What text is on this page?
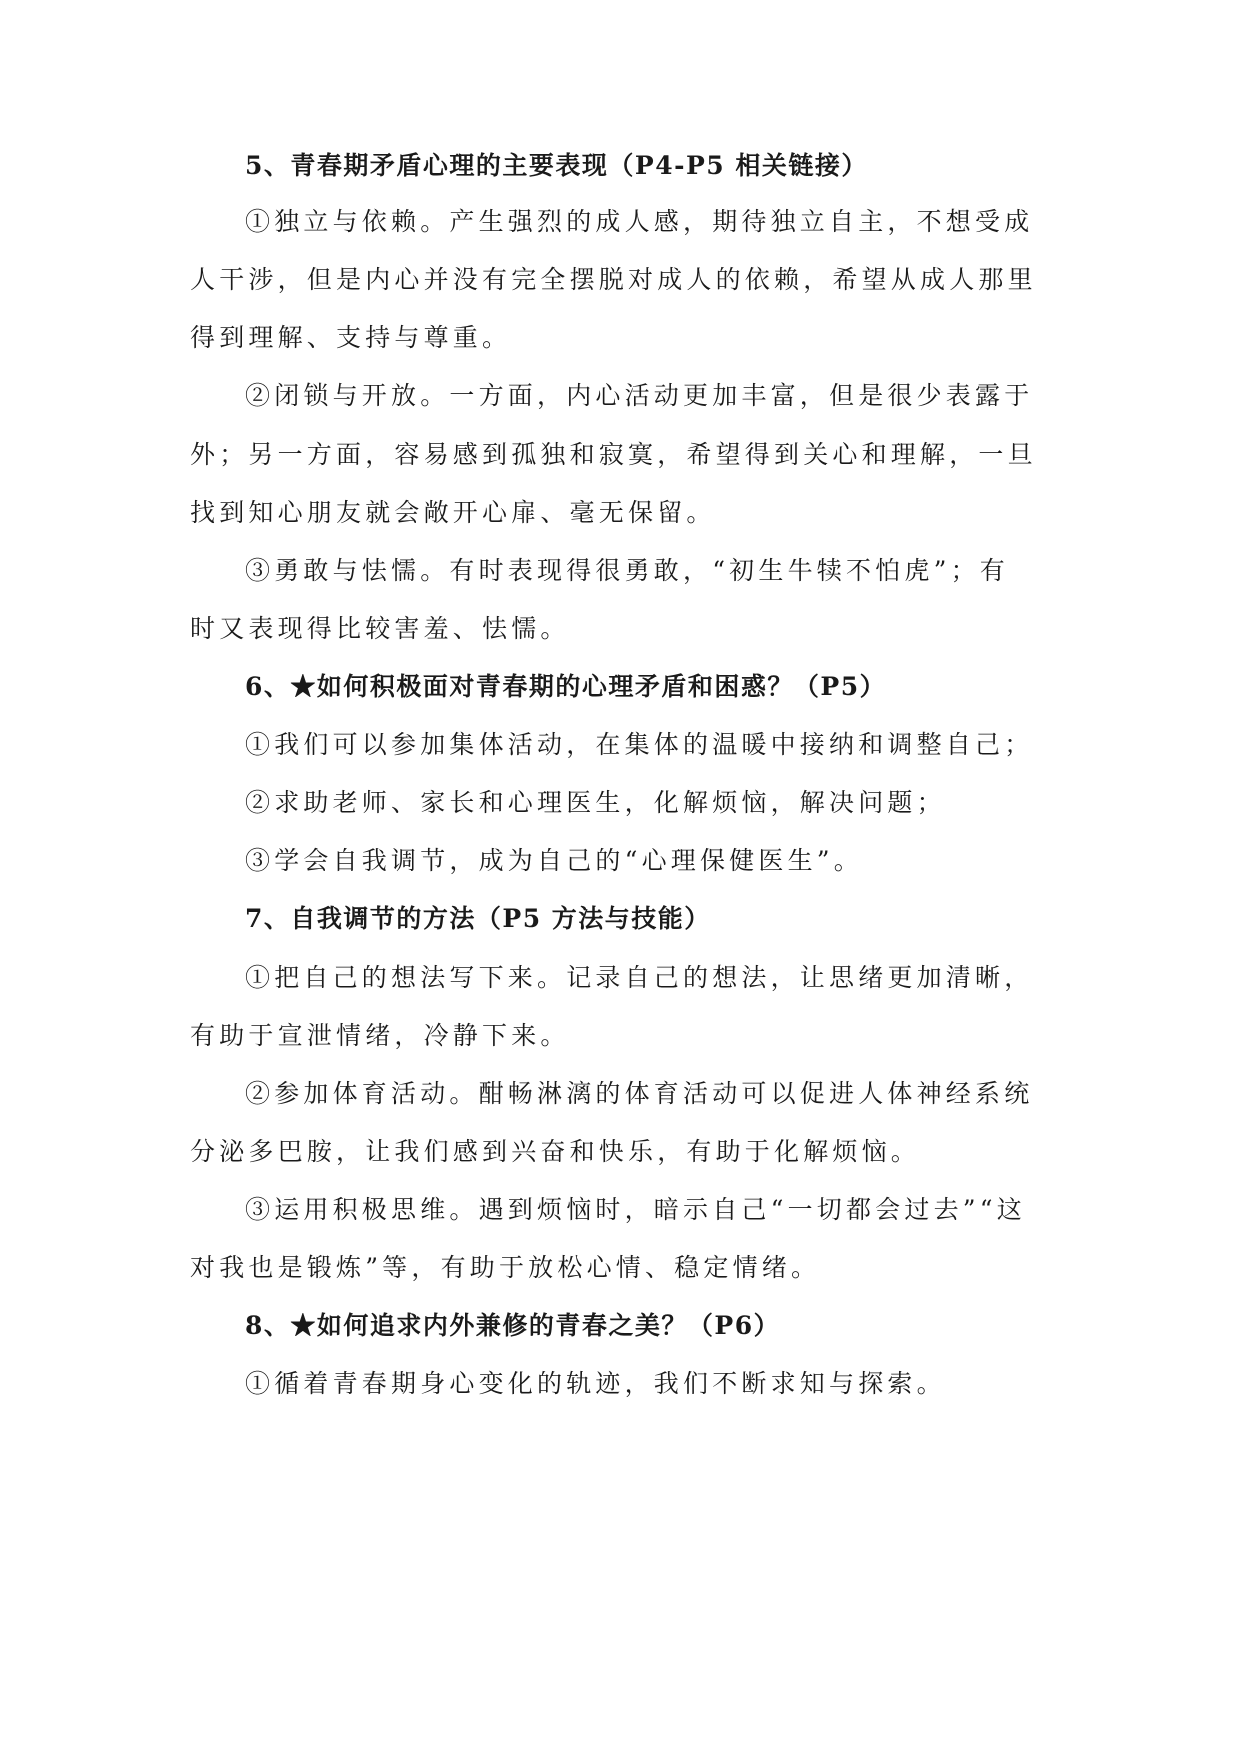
5、青春期矛盾心理的主要表现（P4-P5 相关链接）

①独立与依赖。产生强烈的成人感，期待独立自主，不想受成

人干涉，但是内心并没有完全摆脱对成人的依赖，希望从成人那里

得到理解、支持与尊重。

②闭锁与开放。一方面，内心活动更加丰富，但是很少表露于

外；另一方面，容易感到孤独和寂寞，希望得到关心和理解，一旦

找到知心朋友就会敞开心扉、毫无保留。

③勇敢与怯懦。有时表现得很勇敢，“初生牛犊不怕虎”；有

时又表现得比较害羞、怯懦。

6、★如何积极面对青春期的心理矛盾和困惑？（P5）

①我们可以参加集体活动，在集体的温暖中接纳和调整自己；

②求助老师、家长和心理医生，化解烦恼，解决问题；

③学会自我调节，成为自己的“心理保健医生”。

7、自我调节的方法（P5 方法与技能）

①把自己的想法写下来。记录自己的想法，让思绪更加清晰，

有助于宣泄情绪，冷静下来。

②参加体育活动。酣畅淋漓的体育活动可以促进人体神经系统

分泌多巴胺，让我们感到兴奋和快乐，有助于化解烦恼。

③运用积极思维。遇到烦恼时，暗示自己“一切都会过去”“这

对我也是锻炼”等，有助于放松心情、稳定情绪。

8、★如何追求内外兼修的青春之美？（P6）

①循着青春期身心变化的轨迹，我们不断求知与探索。
